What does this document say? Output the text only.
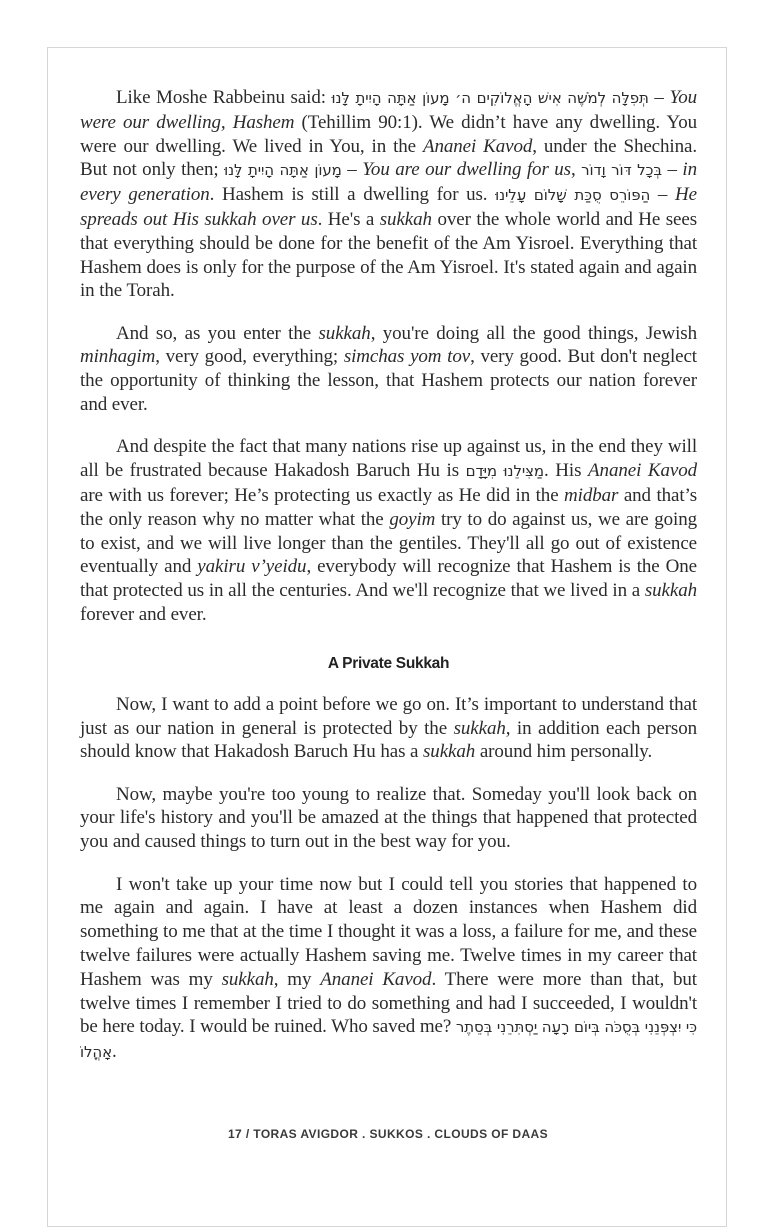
Like Moshe Rabbeinu said: תְּפִלָּה לְמֹשֶׁה אִישׁ הָאֱלוֹקִים ה׳ מָעוֹן אַתָּה הָיִיתָ לָּנוּ – You were our dwelling, Hashem (Tehillim 90:1). We didn’t have any dwelling. You were our dwelling. We lived in You, in the Ananei Kavod, under the Shechina. But not only then; מָעוֹן אַתָּה הָיִיתָ לָּנוּ – You are our dwelling for us, בְּכָל דּוֹר וָדוֹר – in every generation. Hashem is still a dwelling for us. הַפּוֹרֵס סֻכַּת שָׁלוֹם עָלֵינוּ – He spreads out His sukkah over us. He's a sukkah over the whole world and He sees that everything should be done for the benefit of the Am Yisroel. Everything that Hashem does is only for the purpose of the Am Yisroel. It's stated again and again in the Torah.

And so, as you enter the sukkah, you're doing all the good things, Jewish minhagim, very good, everything; simchas yom tov, very good. But don't neglect the opportunity of thinking the lesson, that Hashem protects our nation forever and ever.

And despite the fact that many nations rise up against us, in the end they will all be frustrated because Hakadosh Baruch Hu is מַצִּילֵנוּ מִיָּדָם. His Ananei Kavod are with us forever; He’s protecting us exactly as He did in the midbar and that’s the only reason why no matter what the goyim try to do against us, we are going to exist, and we will live longer than the gentiles. They'll all go out of existence eventually and yakiru v’yeidu, everybody will recognize that Hashem is the One that protected us in all the centuries. And we'll recognize that we lived in a sukkah forever and ever.

A Private Sukkah

Now, I want to add a point before we go on. It’s important to understand that just as our nation in general is protected by the sukkah, in addition each person should know that Hakadosh Baruch Hu has a sukkah around him personally.

Now, maybe you're too young to realize that. Someday you'll look back on your life's history and you'll be amazed at the things that happened that protected you and caused things to turn out in the best way for you.

I won't take up your time now but I could tell you stories that happened to me again and again. I have at least a dozen instances when Hashem did something to me that at the time I thought it was a loss, a failure for me, and these twelve failures were actually Hashem saving me. Twelve times in my career that Hashem was my sukkah, my Ananei Kavod. There were more than that, but twelve times I remember I tried to do something and had I succeeded, I wouldn't be here today. I would be ruined. Who saved me? כִּי יִצְפְּנֵנִי בְּסֻכֹּה בְּיוֹם רָעָה יַסְתִּרֵנִי בְּסֵתֶר אָהֳלוֹ.

17 / TORAS AVIGDOR . SUKKOS . CLOUDS OF DAAS
